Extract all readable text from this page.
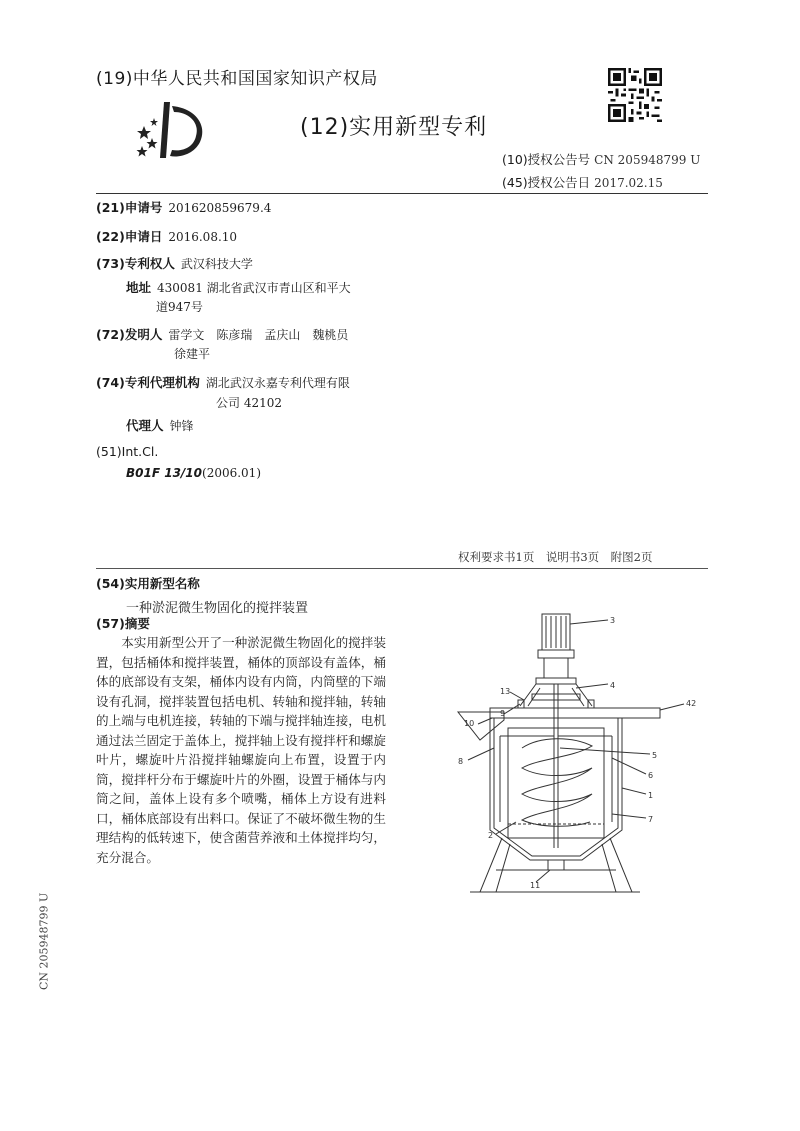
(19)中华人民共和国国家知识产权局
(12)实用新型专利
(10)授权公告号 CN 205948799 U
(45)授权公告日 2017.02.15
(21)申请号 201620859679.4
(22)申请日 2016.08.10
(73)专利权人 武汉科技大学
地址 430081 湖北省武汉市青山区和平大
道947号
(72)发明人 雷学文　陈彦瑞　孟庆山　魏桃员
徐建平
(74)专利代理机构 湖北武汉永嘉专利代理有限
公司 42102
代理人 钟锋
(51)Int.Cl.
B01F 13/10(2006.01)
权利要求书1页　说明书3页　附图2页
(54)实用新型名称
一种淤泥微生物固化的搅拌装置
(57)摘要
本实用新型公开了一种淤泥微生物固化的搅拌装置，包括桶体和搅拌装置，桶体的顶部设有盖体，桶体的底部设有支架，桶体内设有内筒，内筒壁的下端设有孔洞，搅拌装置包括电机、转轴和搅拌轴，转轴的上端与电机连接，转轴的下端与搅拌轴连接，电机通过法兰固定于盖体上，搅拌轴上设有搅拌杆和螺旋叶片，螺旋叶片沿搅拌轴螺旋向上布置，设置于内筒，搅拌杆分布于螺旋叶片的外圈，设置于桶体与内筒之间，盖体上设有多个喷嘴，桶体上方设有进料口，桶体底部设有出料口。保证了不破坏微生物的生理结构的低转速下，使含菌营养液和土体搅拌均匀，充分混合。
3
4
13
42
9
10
5
8
6
1
7
2
11
CN 205948799 U
